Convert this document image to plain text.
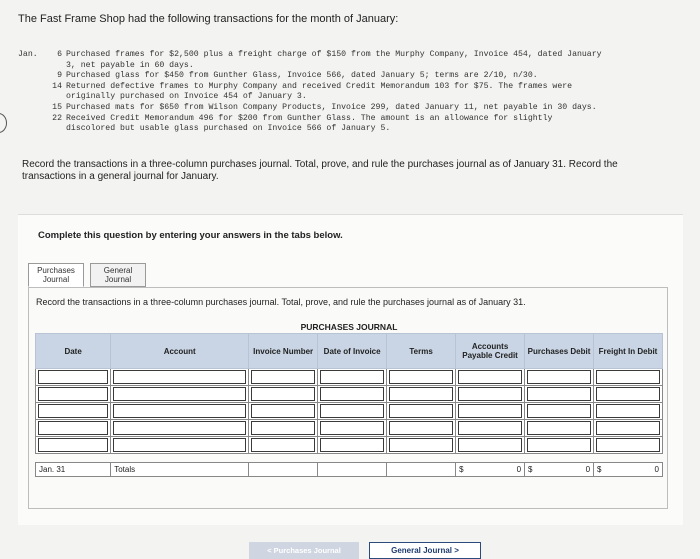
The Fast Frame Shop had the following transactions for the month of January:
Jan.	6 Purchased frames for $2,500 plus a freight charge of $150 from the Murphy Company, Invoice 454, dated January
3, net payable in 60 days.
9 Purchased glass for $450 from Gunther Glass, Invoice 566, dated January 5; terms are 2/10, n/30.
14 Returned defective frames to Murphy Company and received Credit Memorandum 103 for $75. The frames were
originally purchased on Invoice 454 of January 3.
15 Purchased mats for $650 from Wilson Company Products, Invoice 299, dated January 11, net payable in 30 days.
22 Received Credit Memorandum 496 for $200 from Gunther Glass. The amount is an allowance for slightly
discolored but usable glass purchased on Invoice 566 of January 5.
Record the transactions in a three-column purchases journal. Total, prove, and rule the purchases journal as of January 31. Record the transactions in a general journal for January.
Complete this question by entering your answers in the tabs below.
Purchases
Journal
General
Journal
Record the transactions in a three-column purchases journal. Total, prove, and rule the purchases journal as of January 31.
PURCHASES JOURNAL
Date	Account	Invoice Number	Date of Invoice	Terms	Accounts Payable Credit	Purchases Debit	Freight In Debit

Jan. 31	Totals				$ 0	$ 0	$ 0
< Purchases Journal	General Journal >
